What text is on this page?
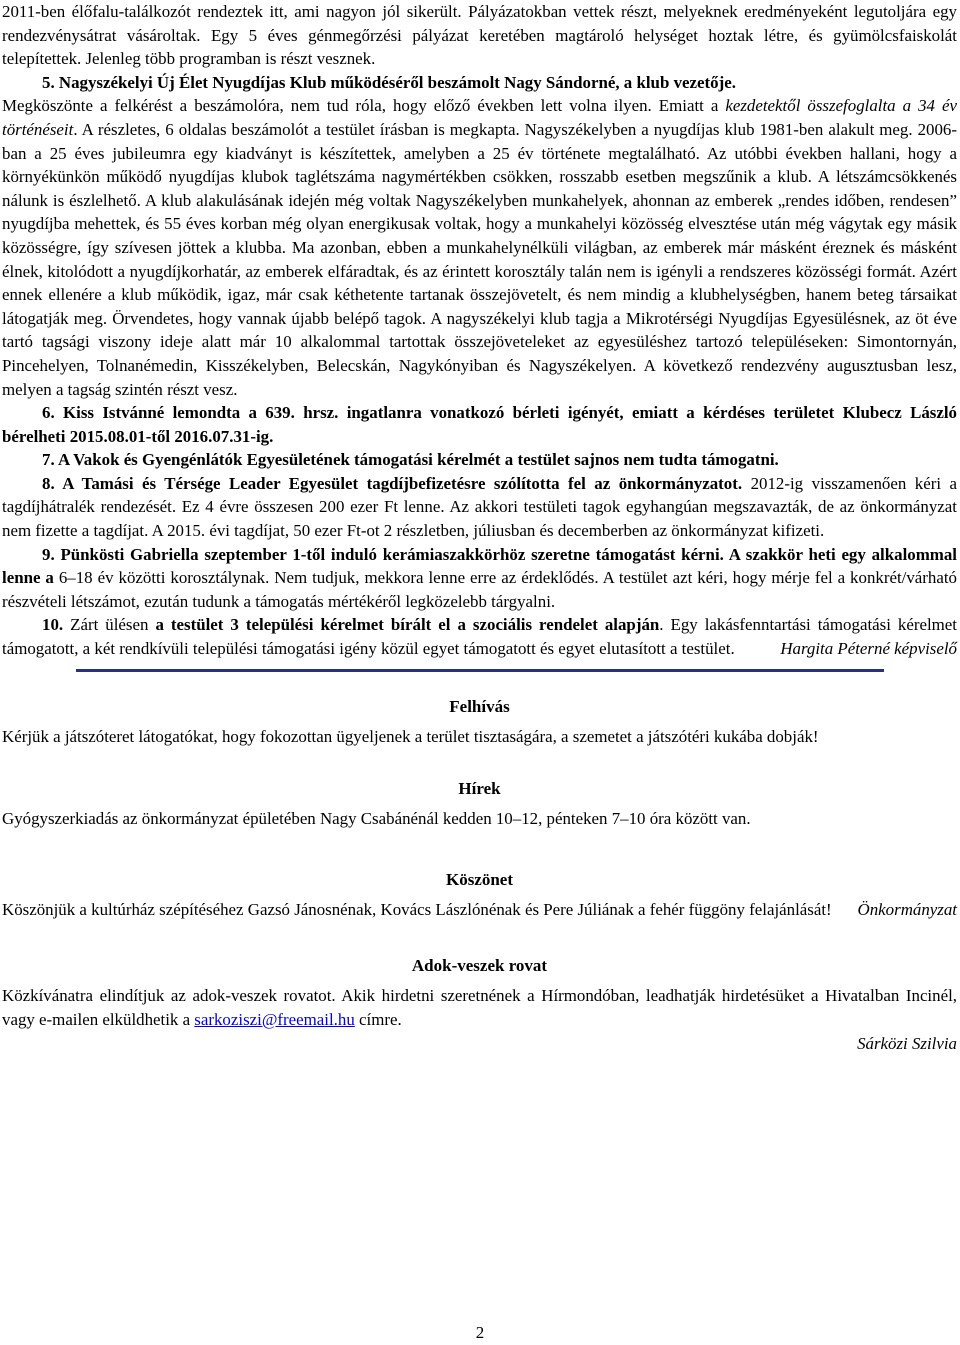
2011-ben élőfalu-találkozót rendeztek itt, ami nagyon jól sikerült. Pályázatokban vettek részt, melyeknek eredményeként legutoljára egy rendezvénysátrat vásároltak. Egy 5 éves génmegőrzési pályázat keretében magtároló helységet hoztak létre, és gyümölcsfaiskolát telepítettek. Jelenleg több programban is részt vesznek.

5. Nagyszékelyi Új Élet Nyugdíjas Klub működéséről beszámolt Nagy Sándorné, a klub vezetője.

Megköszönte a felkérést a beszámolóra, nem tud róla, hogy előző években lett volna ilyen. Emiatt a kezdetektől összefoglalta a 34 év történéseit. A részletes, 6 oldalas beszámolót a testület írásban is megkapta. Nagyszékelyben a nyugdíjas klub 1981-ben alakult meg. 2006-ban a 25 éves jubileumra egy kiadványt is készítettek, amelyben a 25 év története megtalálható. Az utóbbi években hallani, hogy a környékünkön működő nyugdíjas klubok taglétszáma nagymértékben csökken, rosszabb esetben megszűnik a klub. A létszámcsökkenés nálunk is észlelhető. A klub alakulásának idején még voltak Nagyszékelyben munkahelyek, ahonnan az emberek „rendes időben, rendesen” nyugdíjba mehettek, és 55 éves korban még olyan energikusak voltak, hogy a munkahelyi közösség elvesztése után még vágytak egy másik közösségre, így szívesen jöttek a klubba. Ma azonban, ebben a munkahelynélküli világban, az emberek már másként éreznek és másként élnek, kitolódott a nyugdíjkorhatár, az emberek elfáradtak, és az érintett korosztály talán nem is igényli a rendszeres közösségi formát. Azért ennek ellenére a klub működik, igaz, már csak kéthetente tartanak összejövetelt, és nem mindig a klubhelységben, hanem beteg társaikat látogatják meg. Örvendetes, hogy vannak újabb belépő tagok. A nagyszékelyi klub tagja a Mikrotérségi Nyugdíjas Egyesülésnek, az öt éve tartó tagsági viszony ideje alatt már 10 alkalommal tartottak összejöveteleket az egyesüléshez tartozó településeken: Simontornyán, Pincehelyen, Tolnanémedin, Kisszékelyben, Belecskán, Nagykónyiban és Nagyszékelyen. A következő rendezvény augusztusban lesz, melyen a tagság szintén részt vesz.

6. Kiss Istvánné lemondta a 639. hrsz. ingatlanra vonatkozó bérleti igényét, emiatt a kérdéses területet Klubecz László bérelheti 2015.08.01-től 2016.07.31-ig.

7. A Vakok és Gyengénlátók Egyesületének támogatási kérelmét a testület sajnos nem tudta támogatni.

8. A Tamási és Térsége Leader Egyesület tagdíjbefizetésre szólította fel az önkormányzatot. 2012-ig visszamenően kéri a tagdíjhátralék rendezését. Ez 4 évre összesen 200 ezer Ft lenne. Az akkori testületi tagok egyhangúan megszavazták, de az önkormányzat nem fizette a tagdíjat. A 2015. évi tagdíjat, 50 ezer Ft-ot 2 részletben, júliusban és decemberben az önkormányzat kifizeti.

9. Pünkösti Gabriella szeptember 1-től induló kerámiaszakkörhöz szeretne támogatást kérni. A szakkör heti egy alkalommal lenne a 6–18 év közötti korosztálynak. Nem tudjuk, mekkora lenne erre az érdeklődés. A testület azt kéri, hogy mérje fel a konkrét/várható részvételi létszámot, ezután tudunk a támogatás mértékéről legközelebb tárgyalni.

10. Zárt ülésen a testület 3 települési kérelmet bírált el a szociális rendelet alapján. Egy lakásfenntartási támogatási kérelmet támogatott, a két rendkívüli települési támogatási igény közül egyet támogatott és egyet elutasított a testület.	Hargita Péterné képviselő

Felhívás

Kérjük a játszóteret látogatókat, hogy fokozottan ügyeljenek a terület tisztaságára, a szemetet a játszótéri kukába dobják!

Hírek

Gyógyszerkiadás az önkormányzat épületében Nagy Csabánénál kedden 10–12, pénteken 7–10 óra között van.

Köszönet

Köszönjük a kultúrház szépítéséhez Gazsó Jánosnénak, Kovács Lászlónénak és Pere Júliának a fehér függöny felajánlását! Önkormányzat

Adok-veszek rovat

Közkívánatra elindítjuk az adok-veszek rovatot. Akik hirdetni szeretnének a Hírmondóban, leadhatják hirdetésüket a Hivatalban Incinél, vagy e-mailen elküldhetik a sarkoziszi@freemail.hu címre.

Sárközi Szilvia

2
